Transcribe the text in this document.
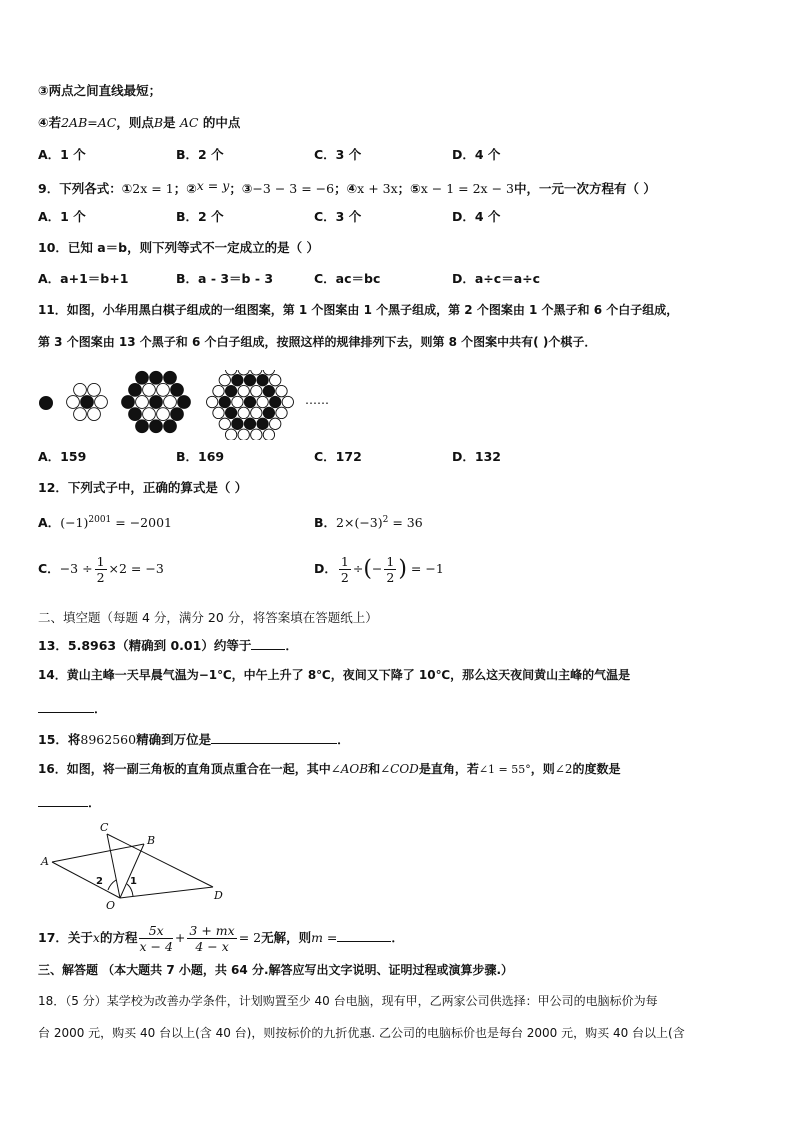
③两点之间直线最短；
④若2AB=AC，则点B是 AC 的中点
A．1 个	B．2 个	C．3 个	D．4 个
9．下列各式：①2x = 1；②x = y；③−3 − 3 = −6；④x + 3x；⑤x − 1 = 2x − 3中，一元一次方程有（ ）
A．1 个	B．2 个	C．3 个	D．4 个
10．已知 a＝b，则下列等式不一定成立的是（ ）
A．a+1＝b+1	B．a - 3＝b - 3	C．ac＝bc	D．a÷c＝a÷c
11．如图，小华用黑白棋子组成的一组图案，第 1 个图案由 1 个黑子组成，第 2 个图案由 1 个黑子和 6 个白子组成，
第 3 个图案由 13 个黑子和 6 个白子组成，按照这样的规律排列下去，则第 8 个图案中共有( )个棋子．
……
A．159	B．169	C．172	D．132
12．下列式子中，正确的算式是（ ）
A．$(-1)^{2001} = -2001$	B．$2\times(-3)^2 = 36$
C．$-3 \div \frac{1}{2} \times 2 = -3$	D． $\frac{1}{2}$ ÷(− $\frac{1}{2}$ ) = −1
二、填空题（每题 4 分，满分 20 分，将答案填在答题纸上）
13．5.8963（精确到 0.01）约等于	．
14．黄山主峰一天早晨气温为−1℃，中午上升了 8℃，夜间又下降了 10℃，那么这天夜间黄山主峰的气温是
．
15．将8962560精确到万位是	．
16．如图，将一副三角板的直角顶点重合在一起，其中∠AOB和∠COD是直角，若∠1 = 55°，则∠2的度数是
．
A
B
C
D
O
2	1
17．关于x的方程 $\frac{5x}{x - 4} + \frac{3 + mx}{4 - x} = 2$无解，则m =	．
三、解答题 （本大题共 7 小题，共 64 分.解答应写出文字说明、证明过程或演算步骤.）
18．（5 分）某学校为改善办学条件，计划购置至少 40 台电脑，现有甲，乙两家公司供选择：甲公司的电脑标价为每
台 2000 元，购买 40 台以上(含 40 台)，则按标价的九折优惠. 乙公司的电脑标价也是每台 2000 元，购买 40 台以上(含
